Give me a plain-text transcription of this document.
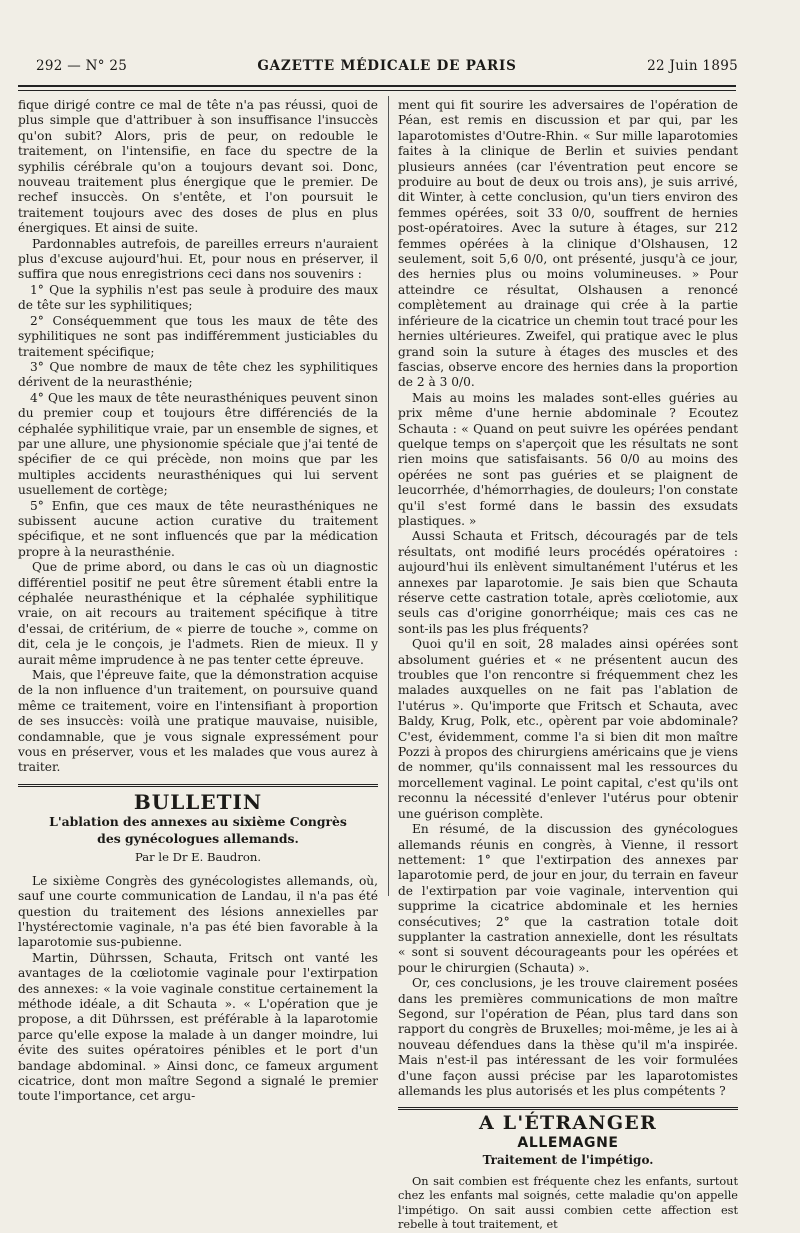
292 — N° 25	GAZETTE MÉDICALE DE PARIS	22 Juin 1895

fique dirigé contre ce mal de tête n'a pas réussi, quoi de plus simple que d'attribuer à son insuffisance l'insuccès qu'on subit? Alors, pris de peur, on redouble le traitement, on l'intensifie, en face du spectre de la syphilis cérébrale qu'on a toujours devant soi. Donc, nouveau traitement plus énergique que le premier. De rechef insuccès. On s'entête, et l'on poursuit le traitement toujours avec des doses de plus en plus énergiques. Et ainsi de suite.

Pardonnables autrefois, de pareilles erreurs n'auraient plus d'excuse aujourd'hui. Et, pour nous en préserver, il suffira que nous enregistrions ceci dans nos souvenirs :

1° Que la syphilis n'est pas seule à produire des maux de tête sur les syphilitiques;

2° Conséquemment que tous les maux de tête des syphilitiques ne sont pas indifféremment justiciables du traitement spécifique;

3° Que nombre de maux de tête chez les syphilitiques dérivent de la neurasthénie;

4° Que les maux de tête neurasthéniques peuvent sinon du premier coup et toujours être différenciés de la céphalée syphilitique vraie, par un ensemble de signes, et par une allure, une physionomie spéciale que j'ai tenté de spécifier de ce qui précède, non moins que par les multiples accidents neurasthéniques qui lui servent usuellement de cortège;

5° Enfin, que ces maux de tête neurasthéniques ne subissent aucune action curative du traitement spécifique, et ne sont influencés que par la médication propre à la neurasthénie.

Que de prime abord, ou dans le cas où un diagnostic différentiel positif ne peut être sûrement établi entre la céphalée neurasthénique et la céphalée syphilitique vraie, on ait recours au traitement spécifique à titre d'essai, de critérium, de « pierre de touche », comme on dit, cela je le conçois, je l'admets. Rien de mieux. Il y aurait même imprudence à ne pas tenter cette épreuve.

Mais, que l'épreuve faite, que la démonstration acquise de la non influence d'un traitement, on poursuive quand même ce traitement, voire en l'intensifiant à proportion de ses insuccès: voilà une pratique mauvaise, nuisible, condamnable, que je vous signale expressément pour vous en préserver, vous et les malades que vous aurez à traiter.

BULLETIN
L'ablation des annexes au sixième Congrès
des gynécologues allemands.
Par le Dr E. Baudron.

Le sixième Congrès des gynécologistes allemands, où, sauf une courte communication de Landau, il n'a pas été question du traitement des lésions annexielles par l'hystérectomie vaginale, n'a pas été bien favorable à la laparotomie sus-pubienne.

Martin, Dührssen, Schauta, Fritsch ont vanté les avantages de la cœliotomie vaginale pour l'extirpation des annexes: « la voie vaginale constitue certainement la méthode idéale, a dit Schauta ». « L'opération que je propose, a dit Dührssen, est préférable à la laparotomie parce qu'elle expose la malade à un danger moindre, lui évite des suites opératoires pénibles et le port d'un bandage abdominal. » Ainsi donc, ce fameux argument cicatrice, dont mon maître Segond a signalé le premier toute l'importance, cet argu-

ment qui fit sourire les adversaires de l'opération de Péan, est remis en discussion et par qui, par les laparotomistes d'Outre-Rhin. « Sur mille laparotomies faites à la clinique de Berlin et suivies pendant plusieurs années (car l'éventration peut encore se produire au bout de deux ou trois ans), je suis arrivé, dit Winter, à cette conclusion, qu'un tiers environ des femmes opérées, soit 33 0/0, souffrent de hernies post-opératoires. Avec la suture à étages, sur 212 femmes opérées à la clinique d'Olshausen, 12 seulement, soit 5,6 0/0, ont présenté, jusqu'à ce jour, des hernies plus ou moins volumineuses. » Pour atteindre ce résultat, Olshausen a renoncé complètement au drainage qui crée à la partie inférieure de la cicatrice un chemin tout tracé pour les hernies ultérieures. Zweifel, qui pratique avec le plus grand soin la suture à étages des muscles et des fascias, observe encore des hernies dans la proportion de 2 à 3 0/0.

Mais au moins les malades sont-elles guéries au prix même d'une hernie abdominale ? Ecoutez Schauta : « Quand on peut suivre les opérées pendant quelque temps on s'aperçoit que les résultats ne sont rien moins que satisfaisants. 56 0/0 au moins des opérées ne sont pas guéries et se plaignent de leucorrhée, d'hémorrhagies, de douleurs; l'on constate qu'il s'est formé dans le bassin des exsudats plastiques. »

Aussi Schauta et Fritsch, découragés par de tels résultats, ont modifié leurs procédés opératoires : aujourd'hui ils enlèvent simultanément l'utérus et les annexes par laparotomie. Je sais bien que Schauta réserve cette castration totale, après cœliotomie, aux seuls cas d'origine gonorrhéique; mais ces cas ne sont-ils pas les plus fréquents?

Quoi qu'il en soit, 28 malades ainsi opérées sont absolument guéries et « ne présentent aucun des troubles que l'on rencontre si fréquemment chez les malades auxquelles on ne fait pas l'ablation de l'utérus ». Qu'importe que Fritsch et Schauta, avec Baldy, Krug, Polk, etc., opèrent par voie abdominale? C'est, évidemment, comme l'a si bien dit mon maître Pozzi à propos des chirurgiens américains que je viens de nommer, qu'ils connaissent mal les ressources du morcellement vaginal. Le point capital, c'est qu'ils ont reconnu la nécessité d'enlever l'utérus pour obtenir une guérison complète.

En résumé, de la discussion des gynécologues allemands réunis en congrès, à Vienne, il ressort nettement: 1° que l'extirpation des annexes par laparotomie perd, de jour en jour, du terrain en faveur de l'extirpation par voie vaginale, intervention qui supprime la cicatrice abdominale et les hernies consécutives; 2° que la castration totale doit supplanter la castration annexielle, dont les résultats « sont si souvent décourageants pour les opérées et pour le chirurgien (Schauta) ».

Or, ces conclusions, je les trouve clairement posées dans les premières communications de mon maître Segond, sur l'opération de Péan, plus tard dans son rapport du congrès de Bruxelles; moi-même, je les ai à nouveau défendues dans la thèse qu'il m'a inspirée. Mais n'est-il pas intéressant de les voir formulées d'une façon aussi précise par les laparotomistes allemands les plus autorisés et les plus compétents ?

A L'ÉTRANGER
ALLEMAGNE
Traitement de l'impétigo.

On sait combien est fréquente chez les enfants, surtout chez les enfants mal soignés, cette maladie qu'on appelle l'impétigo. On sait aussi combien cette affection est rebelle à tout traitement, et
